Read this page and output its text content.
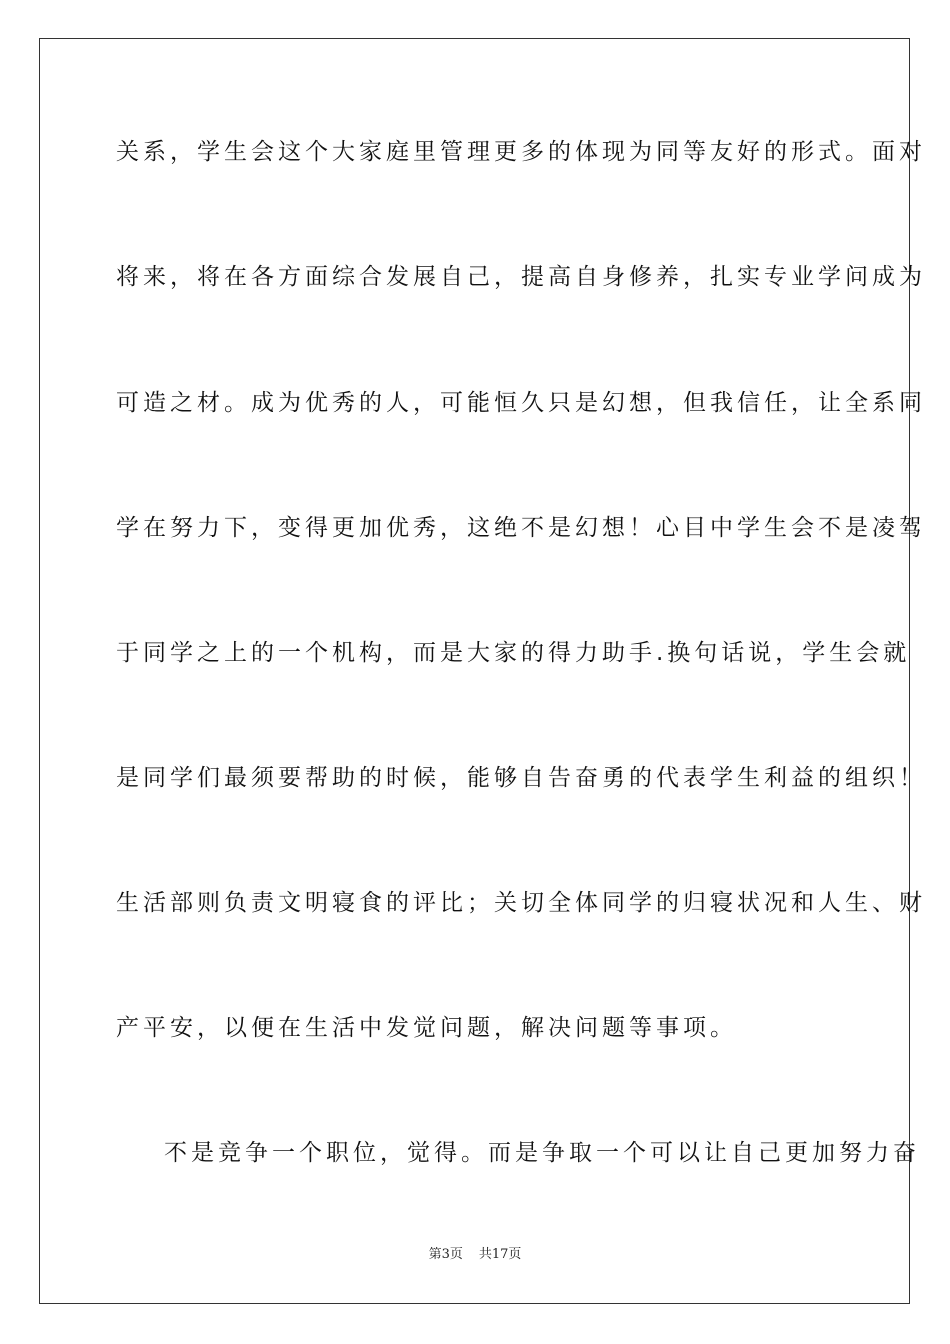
关系，学生会这个大家庭里管理更多的体现为同等友好的形式。面对

将来，将在各方面综合发展自己，提高自身修养，扎实专业学问成为

可造之材。成为优秀的人，可能恒久只是幻想，但我信任，让全系同

学在努力下，变得更加优秀，这绝不是幻想！心目中学生会不是凌驾

于同学之上的一个机构，而是大家的得力助手.换句话说，学生会就

是同学们最须要帮助的时候，能够自告奋勇的代表学生利益的组织！

生活部则负责文明寝食的评比；关切全体同学的归寝状况和人生、财

产平安，以便在生活中发觉问题，解决问题等事项。

不是竞争一个职位，觉得。而是争取一个可以让自己更加努力奋

第3页 共17页
